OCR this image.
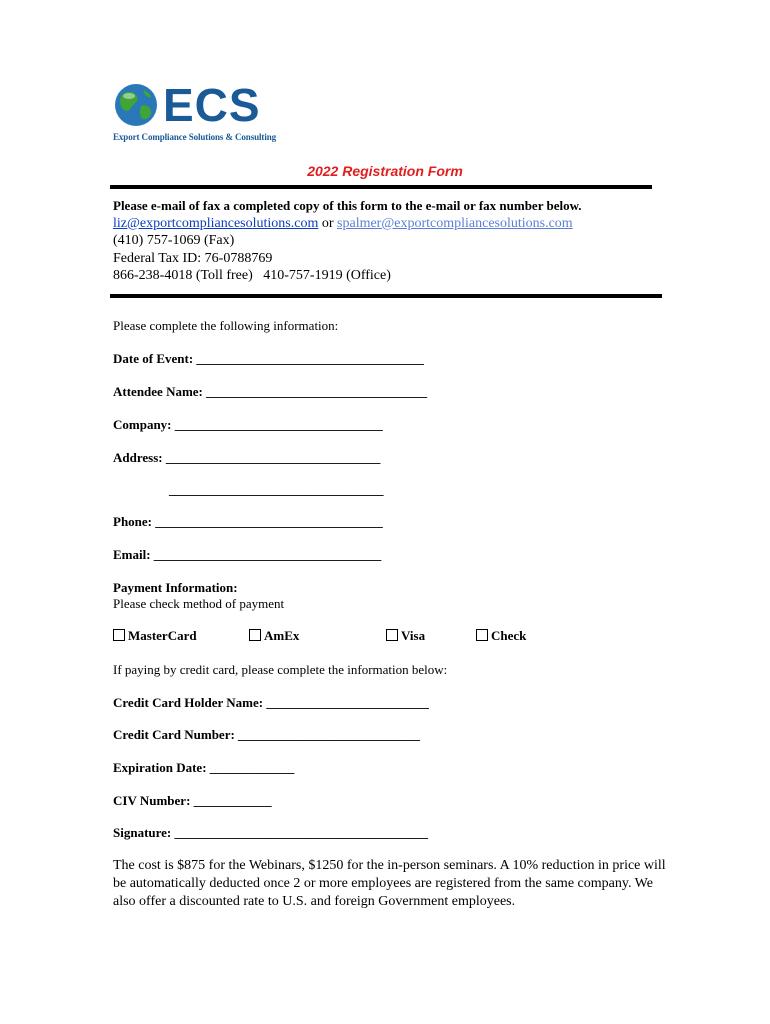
ECS
Export Compliance Solutions & Consulting
2022 Registration Form
Please e-mail of fax a completed copy of this form to the e-mail or fax number below.
liz@exportcompliancesolutions.com or spalmer@exportcompliancesolutions.com
(410) 757-1069 (Fax)
Federal Tax ID: 76-0788769
866-238-4018 (Toll free)   410-757-1919 (Office)
Please complete the following information:
Date of Event: ___________________________________
Attendee Name: __________________________________
Company: ________________________________
Address: _________________________________
_________________________________
Phone: ___________________________________
Email: ___________________________________
Payment Information:
Please check method of payment
MasterCard	AmEx	Visa	Check
If paying by credit card, please complete the information below:
Credit Card Holder Name: _________________________
Credit Card Number: ____________________________
Expiration Date: _____________
CIV Number: ____________
Signature: _______________________________________
The cost is $875 for the Webinars, $1250 for the in-person seminars. A 10% reduction in price will be automatically deducted once 2 or more employees are registered from the same company. We also offer a discounted rate to U.S. and foreign Government employees.
